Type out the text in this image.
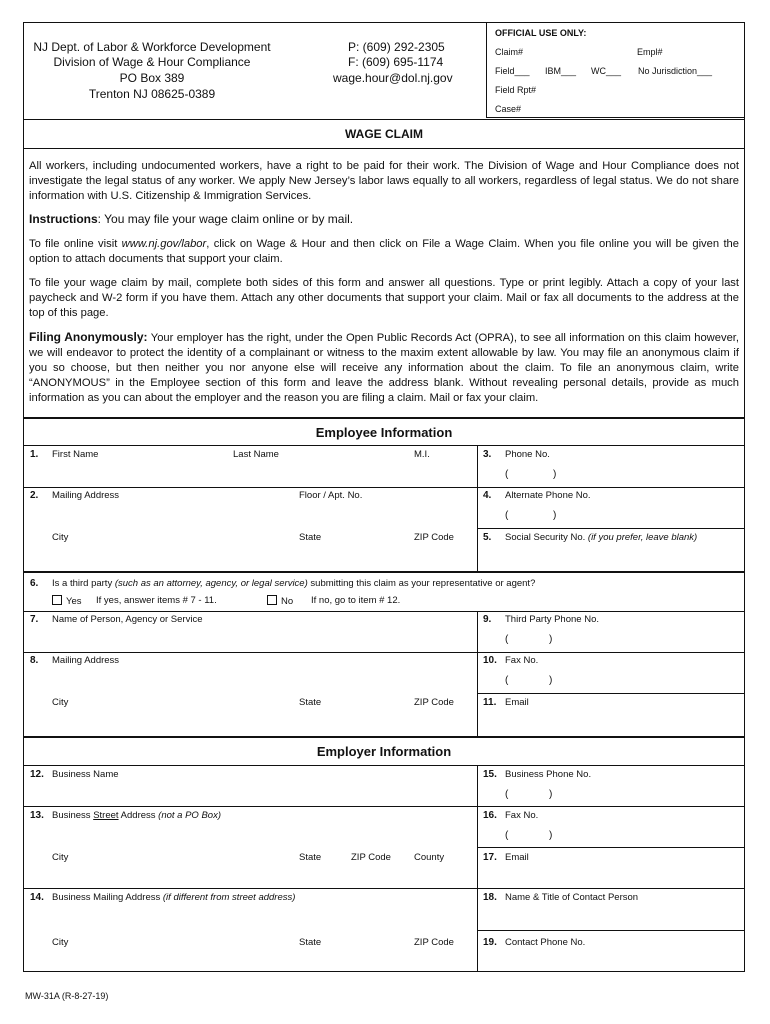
NJ Dept. of Labor & Workforce Development
Division of Wage & Hour Compliance
PO Box 389
Trenton NJ 08625-0389
P: (609) 292-2305
F: (609) 695-1174
wage.hour@dol.nj.gov
OFFICIAL USE ONLY:
Claim#	Empl#
Field___ IBM___ WC___ No Jurisdiction___
Field Rpt#
Case#
WAGE CLAIM
All workers, including undocumented workers, have a right to be paid for their work. The Division of Wage and Hour Compliance does not investigate the legal status of any worker. We apply New Jersey’s labor laws equally to all workers, regardless of legal status. We do not share information with U.S. Citizenship & Immigration Services.
Instructions: You may file your wage claim online or by mail.
To file online visit www.nj.gov/labor, click on Wage & Hour and then click on File a Wage Claim. When you file online you will be given the option to attach documents that support your claim.
To file your wage claim by mail, complete both sides of this form and answer all questions. Type or print legibly. Attach a copy of your last paycheck and W-2 form if you have them. Attach any other documents that support your claim. Mail or fax all documents to the address at the top of this page.
Filing Anonymously: Your employer has the right, under the Open Public Records Act (OPRA), to see all information on this claim however, we will endeavor to protect the identity of a complainant or witness to the maxim extent allowable by law. You may file an anonymous claim if you so choose, but then neither you nor anyone else will receive any information about the claim. To file an anonymous claim, write “ANONYMOUS” in the Employee section of this form and leave the address blank. Without revealing personal details, provide as much information as you can about the employer and the reason you are filing a claim. Mail or fax your claim.
Employee Information
1. First Name	Last Name	M.I.	3. Phone No.
(	)
2. Mailing Address	Floor / Apt. No.	4. Alternate Phone No.
(	)
City	State	ZIP Code	5. Social Security No. (if you prefer, leave blank)
6. Is a third party (such as an attorney, agency, or legal service) submitting this claim as your representative or agent?
Yes If yes, answer items # 7 - 11.	No If no, go to item # 12.
7. Name of Person, Agency or Service	9. Third Party Phone No.
(	)
8. Mailing Address	10. Fax No.
(	)
City	State	ZIP Code	11. Email
Employer Information
12. Business Name	15. Business Phone No.
(	)
13. Business Street Address (not a PO Box)	16. Fax No.
(	)
City	State	ZIP Code County	17. Email
14. Business Mailing Address (if different from street address)	18. Name & Title of Contact Person
City	State	ZIP Code	19. Contact Phone No.
MW-31A (R-8-27-19)
